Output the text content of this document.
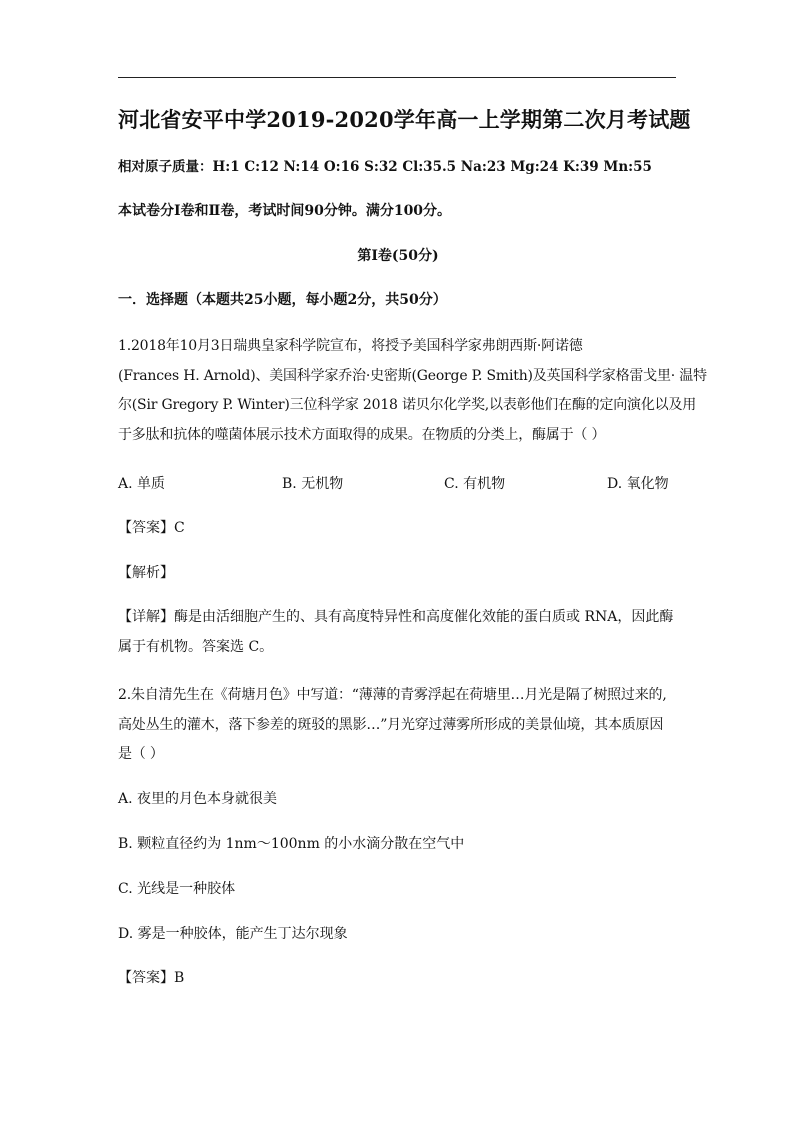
河北省安平中学2019-2020学年高一上学期第二次月考试题
相对原子质量：H:1 C:12 N:14 O:16 S:32 Cl:35.5 Na:23 Mg:24 K:39 Mn:55
本试卷分Ⅰ卷和Ⅱ卷，考试时间90分钟。满分100分。
第Ⅰ卷(50分)
一．选择题（本题共25小题，每小题2分，共50分）
1.2018年10月3日瑞典皇家科学院宣布，将授予美国科学家弗朗西斯·阿诺德
(Frances H. Arnold)、美国科学家乔治·史密斯(George P. Smith)及英国科学家格雷戈里· 温特
尔(Sir Gregory P. Winter)三位科学家 2018 诺贝尔化学奖,以表彰他们在酶的定向演化以及用
于多肽和抗体的噬菌体展示技术方面取得的成果。在物质的分类上，酶属于（ ）
A. 单质	B. 无机物	C. 有机物	D. 氧化物
【答案】C
【解析】
【详解】酶是由活细胞产生的、具有高度特异性和高度催化效能的蛋白质或 RNA，因此酶
属于有机物。答案选 C。
2.朱自清先生在《荷塘月色》中写道：“薄薄的青雾浮起在荷塘里…月光是隔了树照过来的,
高处丛生的灌木，落下参差的斑驳的黑影…”月光穿过薄雾所形成的美景仙境，其本质原因
是（ ）
A. 夜里的月色本身就很美
B. 颗粒直径约为 1nm～100nm 的小水滴分散在空气中
C. 光线是一种胶体
D. 雾是一种胶体，能产生丁达尔现象
【答案】B
